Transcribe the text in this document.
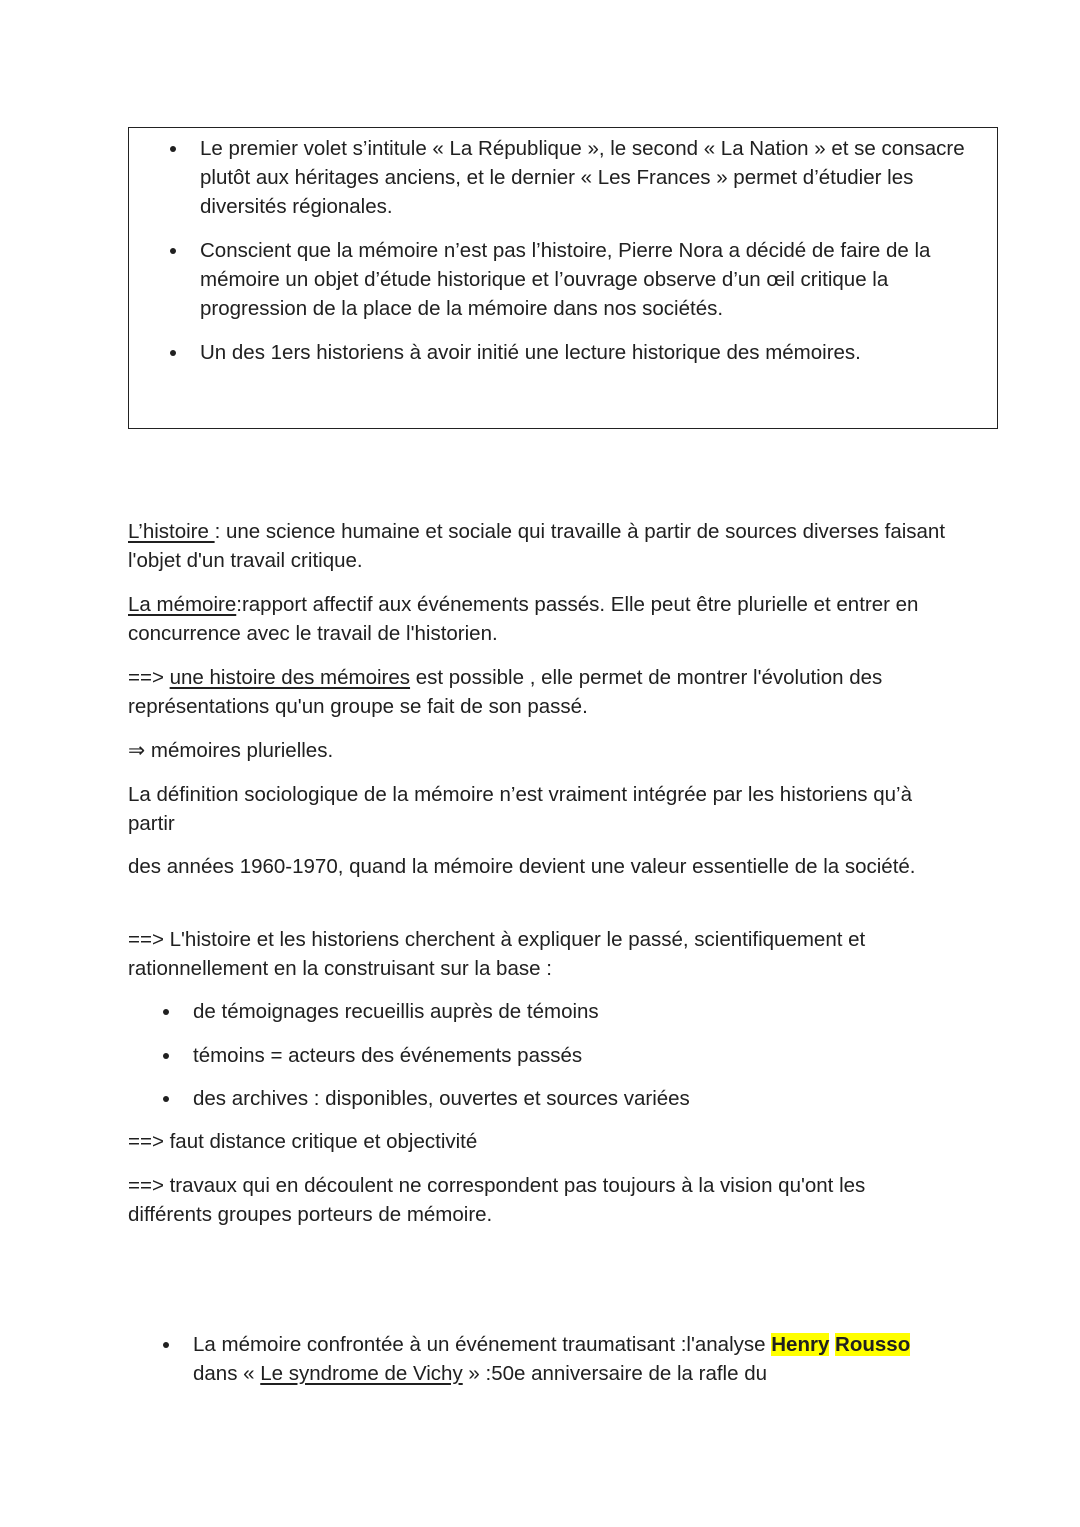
Le premier volet s’intitule « La République », le second « La Nation » et se consacre plutôt aux héritages anciens, et le dernier « Les Frances » permet d’étudier les diversités régionales.
Conscient que la mémoire n’est pas l’histoire, Pierre Nora a décidé de faire de la mémoire un objet d’étude historique et l’ouvrage observe d’un œil critique la progression de la place de la mémoire dans nos sociétés.
Un des 1ers historiens à avoir initié une lecture historique des mémoires.

L’histoire : une science humaine et sociale qui travaille à partir de sources diverses faisant l'objet d'un travail critique.

La mémoire:rapport affectif aux événements passés. Elle peut être plurielle et entrer en concurrence avec le travail de l'historien.

==> une histoire des mémoires est possible , elle permet de montrer l'évolution des représentations qu'un groupe se fait de son passé.

⇒ mémoires plurielles.

La définition sociologique de la mémoire n’est vraiment intégrée par les historiens qu’à partir

des années 1960-1970, quand la mémoire devient une valeur essentielle de la société.

==> L'histoire et les historiens cherchent à expliquer le passé, scientifiquement et rationnellement en la construisant sur la base :

de témoignages recueillis auprès de témoins
témoins = acteurs des événements passés
des archives : disponibles, ouvertes et sources variées

==> faut distance critique et objectivité

==> travaux qui en découlent ne correspondent pas toujours à la vision qu'ont les différents groupes porteurs de mémoire.

La mémoire confrontée à un événement traumatisant :l'analyse Henry Rousso dans « Le syndrome de Vichy » :50e anniversaire de la rafle du
